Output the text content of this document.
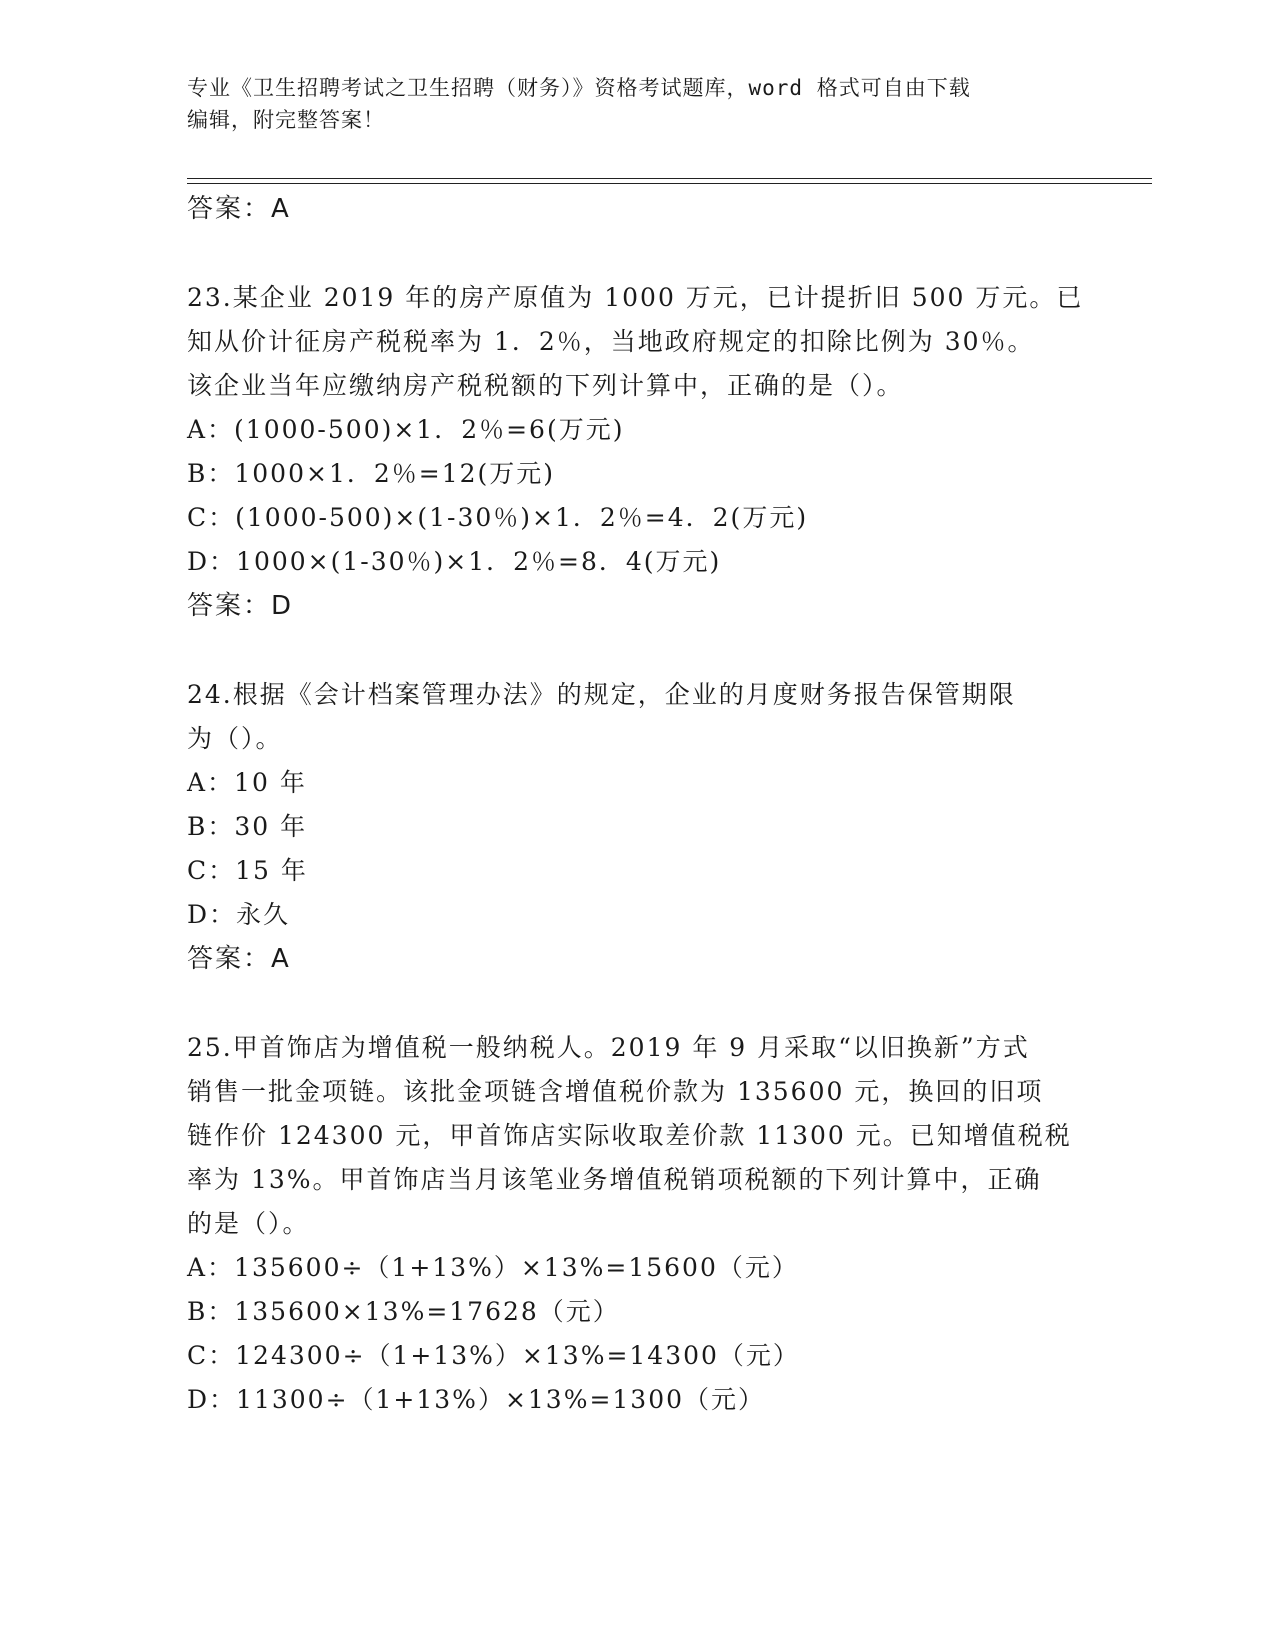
专业《卫生招聘考试之卫生招聘（财务）》资格考试题库，word 格式可自由下载
编辑，附完整答案！
答案：A
23.某企业 2019 年的房产原值为 1000 万元，已计提折旧 500 万元。已
知从价计征房产税税率为 1．2％，当地政府规定的扣除比例为 30％。
该企业当年应缴纳房产税税额的下列计算中，正确的是（）。
A：(1000-500)×1．2％=6(万元)
B：1000×1．2％=12(万元)
C：(1000-500)×(1-30％)×1．2％=4．2(万元)
D：1000×(1-30％)×1．2％=8．4(万元)
答案：D
24.根据《会计档案管理办法》的规定，企业的月度财务报告保管期限
为（）。
A：10 年
B：30 年
C：15 年
D：永久
答案：A
25.甲首饰店为增值税一般纳税人。2019 年 9 月采取“以旧换新”方式
销售一批金项链。该批金项链含增值税价款为 135600 元，换回的旧项
链作价 124300 元，甲首饰店实际收取差价款 11300 元。已知增值税税
率为 13%。甲首饰店当月该笔业务增值税销项税额的下列计算中，正确
的是（）。
A：135600÷（1+13%）×13%=15600（元）
B：135600×13%=17628（元）
C：124300÷（1+13%）×13%=14300（元）
D：11300÷（1+13%）×13%=1300（元）
